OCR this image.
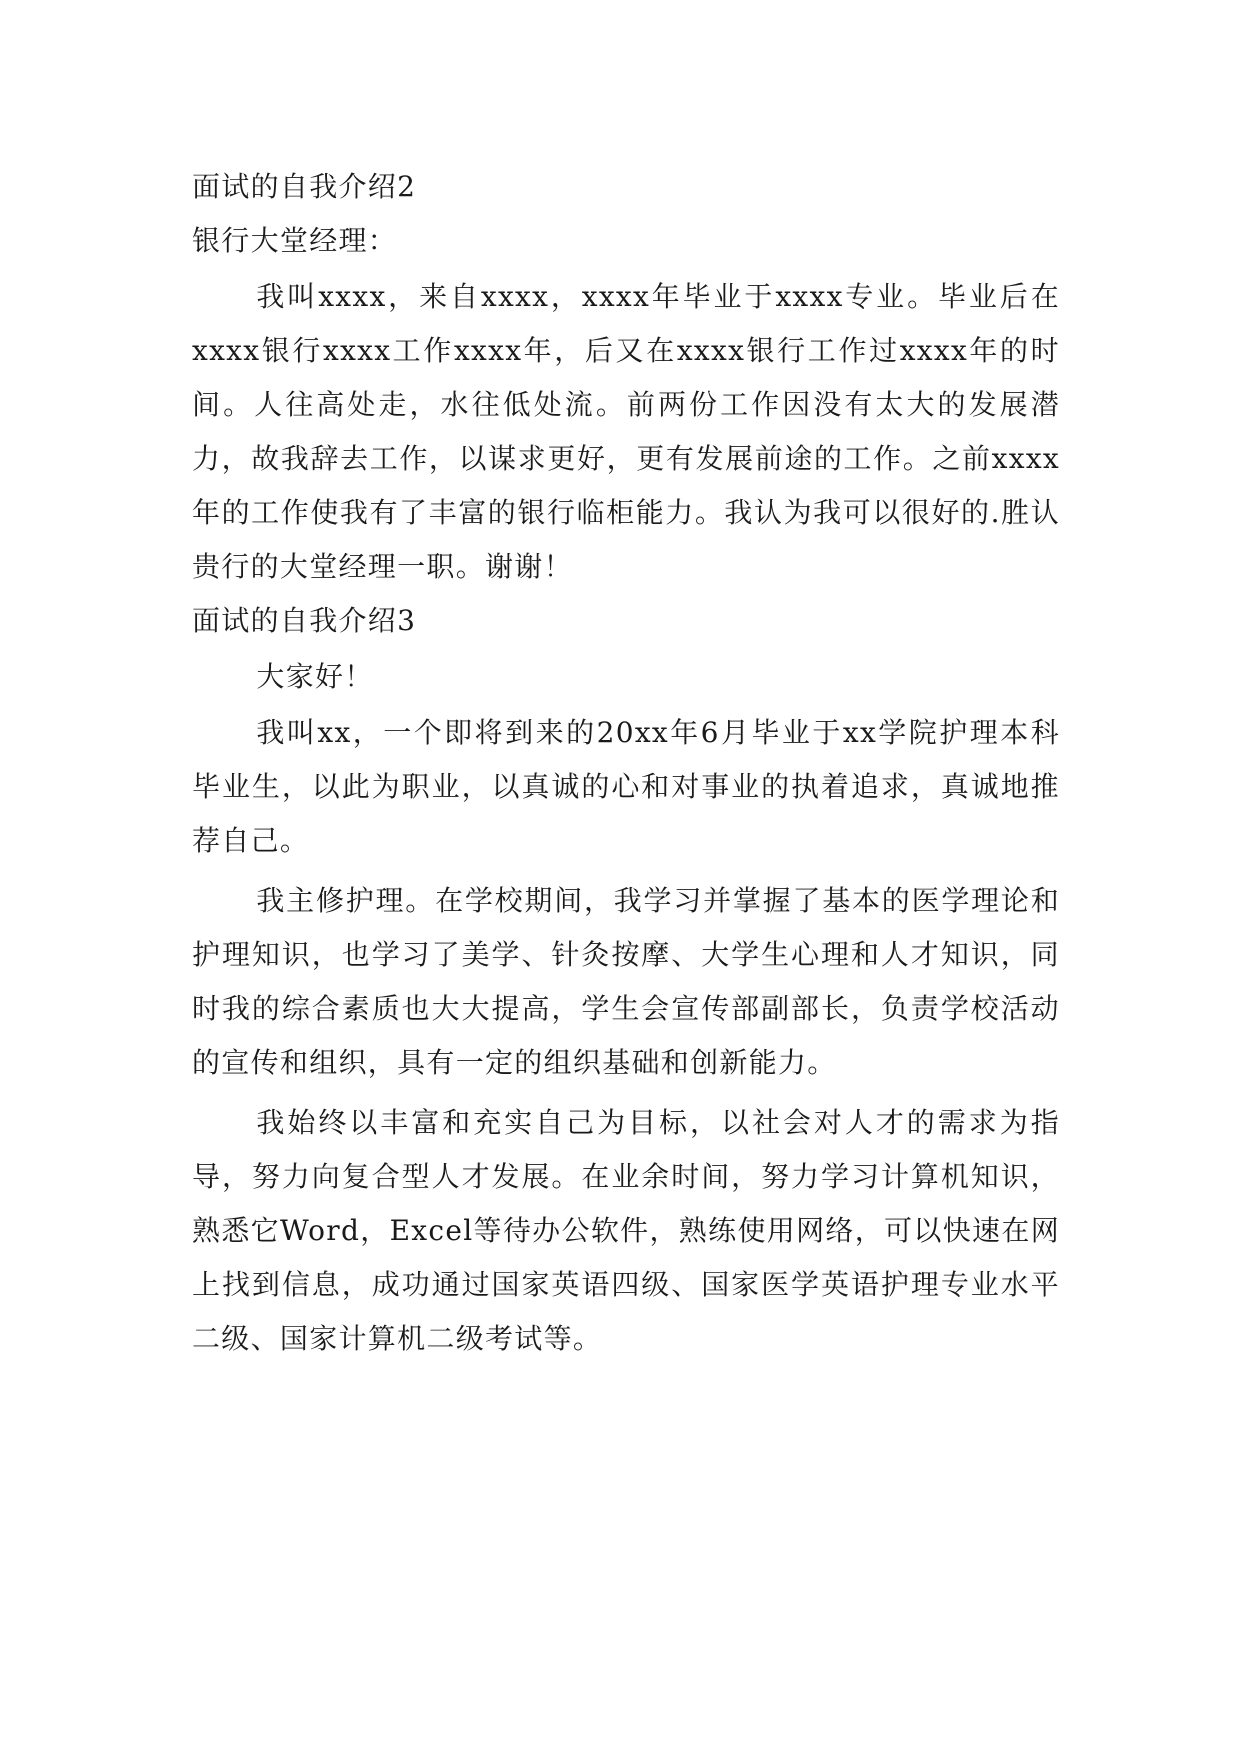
面试的自我介绍2
银行大堂经理：

我叫xxxx，来自xxxx，xxxx年毕业于xxxx专业。毕业后在xxxx银行xxxx工作xxxx年，后又在xxxx银行工作过xxxx年的时间。人往高处走，水往低处流。前两份工作因没有太大的发展潜力，故我辞去工作，以谋求更好，更有发展前途的工作。之前xxxx年的工作使我有了丰富的银行临柜能力。我认为我可以很好的.胜认贵行的大堂经理一职。谢谢！

面试的自我介绍3

大家好！

我叫xx，一个即将到来的20xx年6月毕业于xx学院护理本科毕业生，以此为职业，以真诚的心和对事业的执着追求，真诚地推荐自己。

我主修护理。在学校期间，我学习并掌握了基本的医学理论和护理知识，也学习了美学、针灸按摩、大学生心理和人才知识，同时我的综合素质也大大提高，学生会宣传部副部长，负责学校活动的宣传和组织，具有一定的组织基础和创新能力。

我始终以丰富和充实自己为目标，以社会对人才的需求为指导，努力向复合型人才发展。在业余时间，努力学习计算机知识，熟悉它Word，Excel等待办公软件，熟练使用网络，可以快速在网上找到信息，成功通过国家英语四级、国家医学英语护理专业水平二级、国家计算机二级考试等。
